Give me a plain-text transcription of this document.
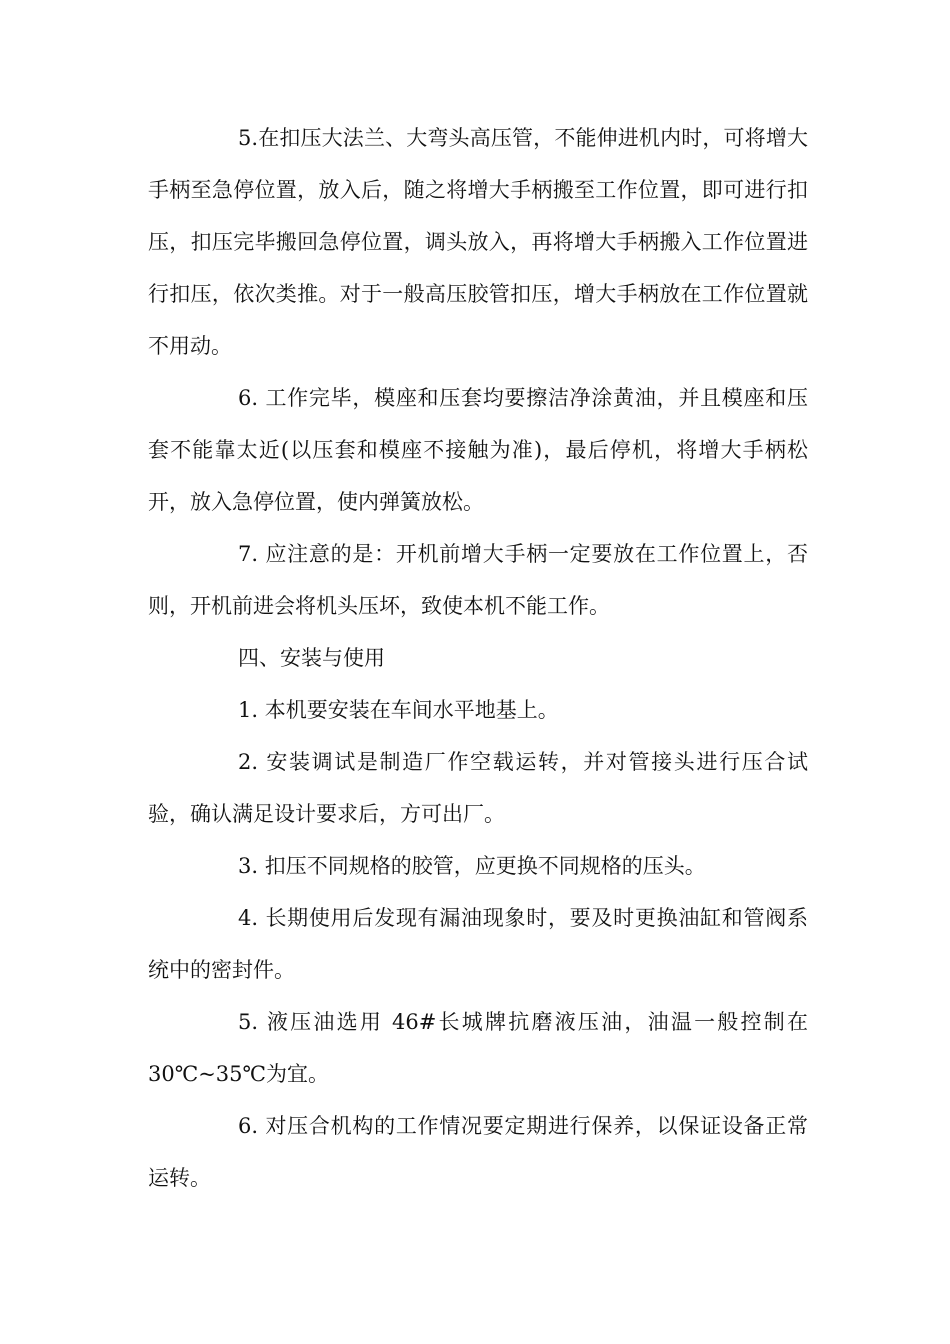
5.在扣压大法兰、大弯头高压管，不能伸进机内时，可将增大手柄至急停位置，放入后，随之将增大手柄搬至工作位置，即可进行扣压，扣压完毕搬回急停位置，调头放入，再将增大手柄搬入工作位置进行扣压，依次类推。对于一般高压胶管扣压，增大手柄放在工作位置就不用动。

6. 工作完毕，模座和压套均要擦洁净涂黄油，并且模座和压套不能靠太近(以压套和模座不接触为准)，最后停机，将增大手柄松开，放入急停位置，使内弹簧放松。

7. 应注意的是：开机前增大手柄一定要放在工作位置上，否则，开机前进会将机头压坏，致使本机不能工作。

四、安装与使用

1. 本机要安装在车间水平地基上。

2. 安装调试是制造厂作空载运转，并对管接头进行压合试验，确认满足设计要求后，方可出厂。

3. 扣压不同规格的胶管，应更换不同规格的压头。

4. 长期使用后发现有漏油现象时，要及时更换油缸和管阀系统中的密封件。

5. 液压油选用 46#长城牌抗磨液压油，油温一般控制在 30℃~35℃为宜。

6. 对压合机构的工作情况要定期进行保养，以保证设备正常运转。
